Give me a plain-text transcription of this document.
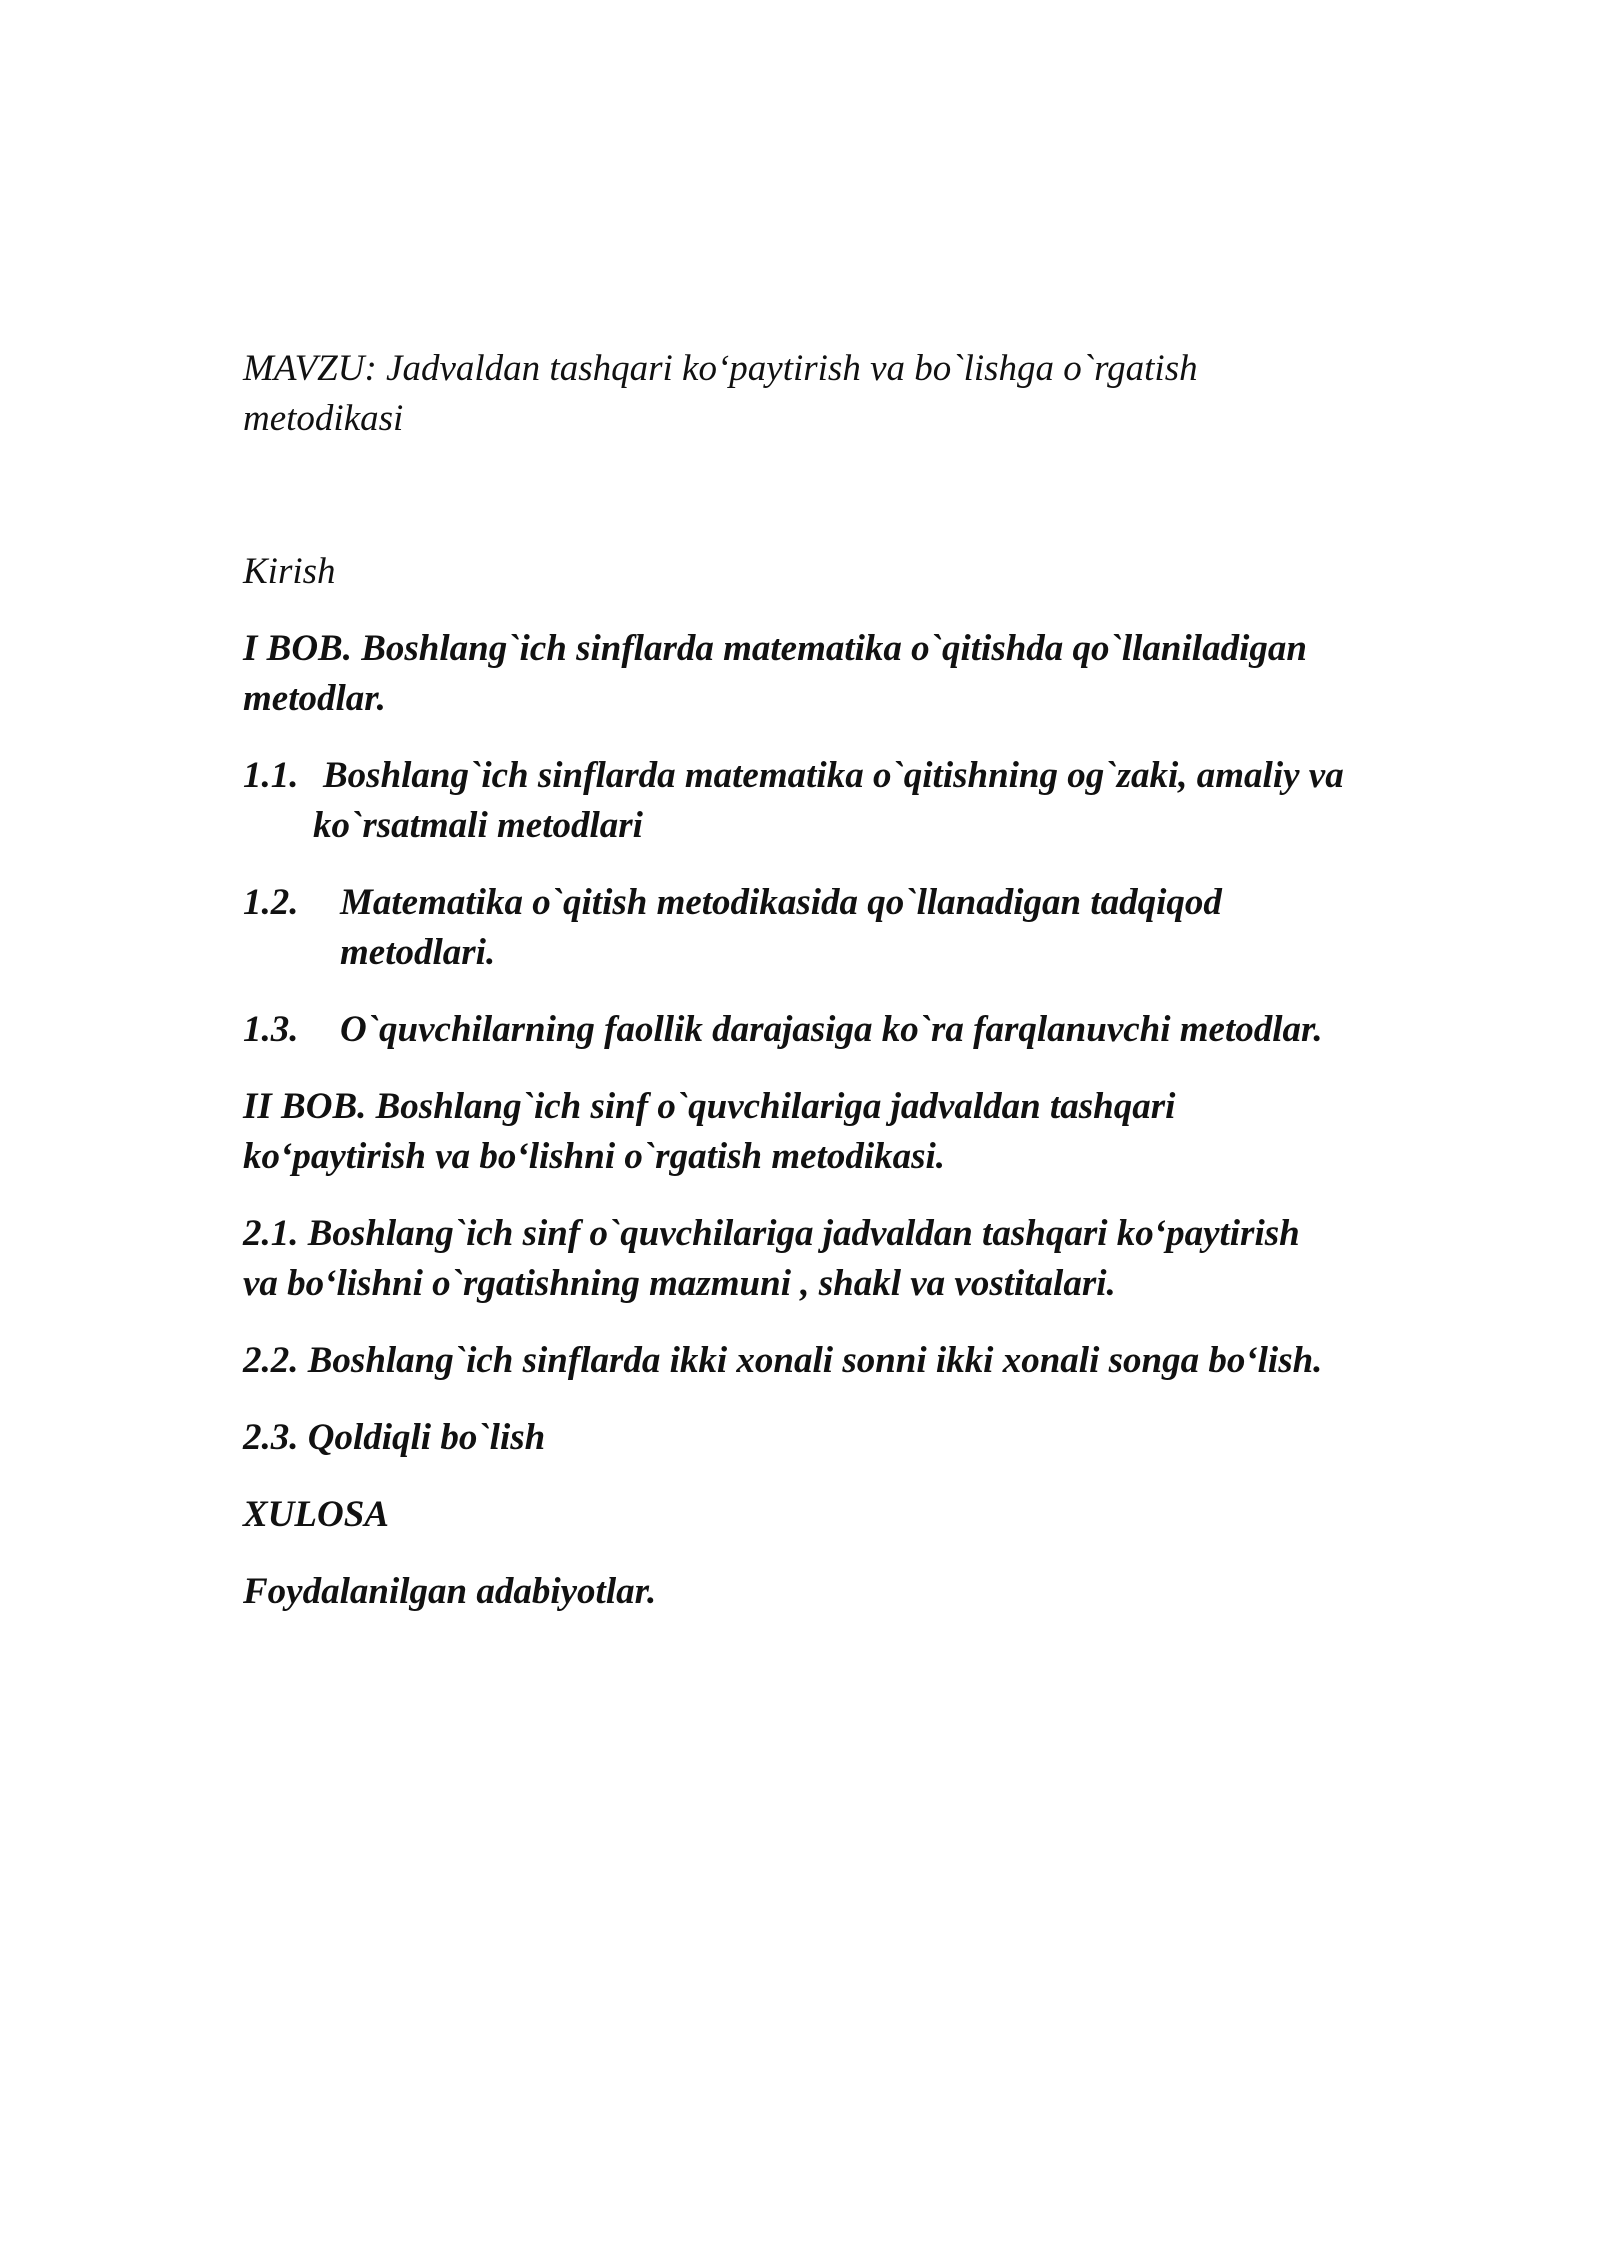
MAVZU: Jadvaldan tashqari ko‘paytirish va bo`lishga o`rgatish

metodikasi

Kirish

I BOB. Boshlang`ich sinflarda matematika o`qitishda qo`llaniladigan

metodlar.

1.1. Boshlang`ich sinflarda matematika o`qitishning og`zaki, amaliy va

ko`rsatmali metodlari

1.2.	Matematika o`qitish metodikasida qo`llanadigan tadqiqod

metodlari.

1.3.	O`quvchilarning faollik darajasiga ko`ra farqlanuvchi metodlar.

II BOB. Boshlang`ich sinf o`quvchilariga jadvaldan tashqari

ko‘paytirish va bo‘lishni o`rgatish metodikasi.

2.1. Boshlang`ich sinf o`quvchilariga jadvaldan tashqari ko‘paytirish

va bo‘lishni o`rgatishning mazmuni , shakl va vostitalari.

2.2. Boshlang`ich sinflarda ikki xonali sonni ikki xonali songa bo‘lish.

2.3. Qoldiqli bo`lish

XULOSA

Foydalanilgan adabiyotlar.
